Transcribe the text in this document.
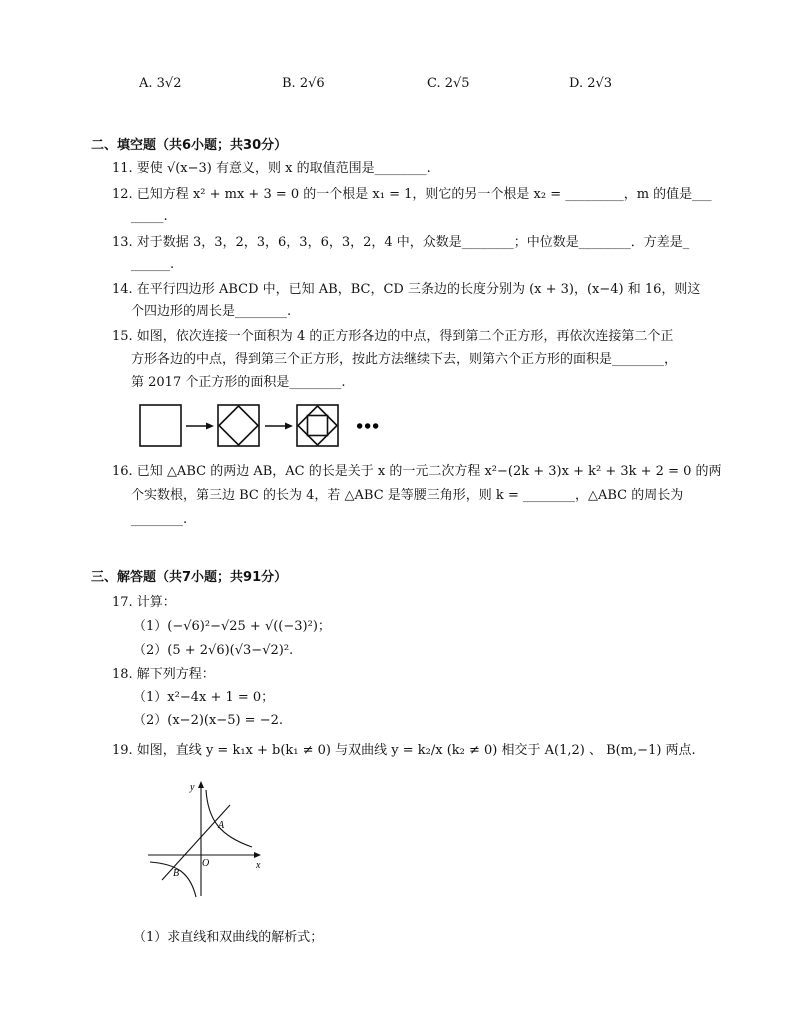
A. 3√2	B. 2√6	C. 2√5	D. 2√3
二、填空题（共6小题；共30分）
11. 要使 √(x−3) 有意义，则 x 的取值范围是________.
12. 已知方程 x² + mx + 3 = 0 的一个根是 x₁ = 1，则它的另一个根是 x₂ = _________，m 的值是___
_____.
13. 对于数据 3，3，2，3，6，3，6，3，2，4 中，众数是________；中位数是________．方差是_
______.
14. 在平行四边形 ABCD 中，已知 AB，BC，CD 三条边的长度分别为 (x + 3)，(x−4) 和 16，则这
个四边形的周长是________.
15. 如图，依次连接一个面积为 4 的正方形各边的中点，得到第二个正方形，再依次连接第二个正
方形各边的中点，得到第三个正方形，按此方法继续下去，则第六个正方形的面积是________，
第 2017 个正方形的面积是________.
•••
16. 已知 △ABC 的两边 AB，AC 的长是关于 x 的一元二次方程 x²−(2k + 3)x + k² + 3k + 2 = 0 的两
个实数根，第三边 BC 的长为 4，若 △ABC 是等腰三角形，则 k = ________，△ABC 的周长为
________.
三、解答题（共7小题；共91分）
17. 计算：
（1）(−√6)²−√25 + √((−3)²)；
（2）(5 + 2√6)(√3−√2)².
18. 解下列方程：
（1）x²−4x + 1 = 0；
（2）(x−2)(x−5) = −2.
19. 如图，直线 y = k₁x + b(k₁ ≠ 0) 与双曲线 y = k₂/x (k₂ ≠ 0) 相交于 A(1,2) 、 B(m,−1) 两点.
y
x
O
A
B
（1）求直线和双曲线的解析式；
